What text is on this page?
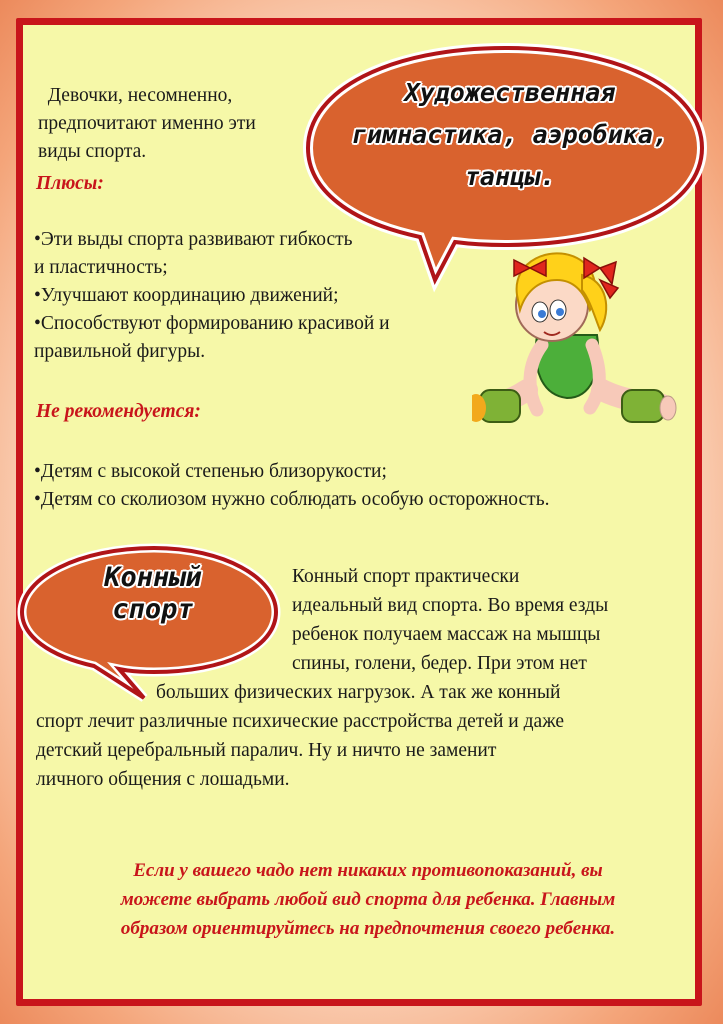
Девочки, несомненно,
предпочитают именно эти
виды спорта.

Художественная
гимнастика, аэробика,
танцы.

Плюсы:

•Эти выды спорта развивают гибкость
и пластичность;
•Улучшают координацию движений;
•Способствуют формированию красивой и
правильной фигуры.

Не рекомендуется:

•Детям с высокой степенью близорукости;
•Детям со сколиозом нужно соблюдать особую осторожность.
Конный
спорт

Конный спорт практически
идеальный вид спорта. Во время езды
ребенок получаем массаж на мышцы
спины, голени, бедер. При этом нет

больших физических нагрузок. А так же конный
спорт лечит различные психические расстройства детей и даже
детский церебральный паралич. Ну и ничто не заменит
личного общения с лошадьми.

Если у вашего чадо нет никаких противопоказаний, вы
можете выбрать любой вид спорта для ребенка. Главным
образом ориентируйтесь на предпочтения своего ребенка.
